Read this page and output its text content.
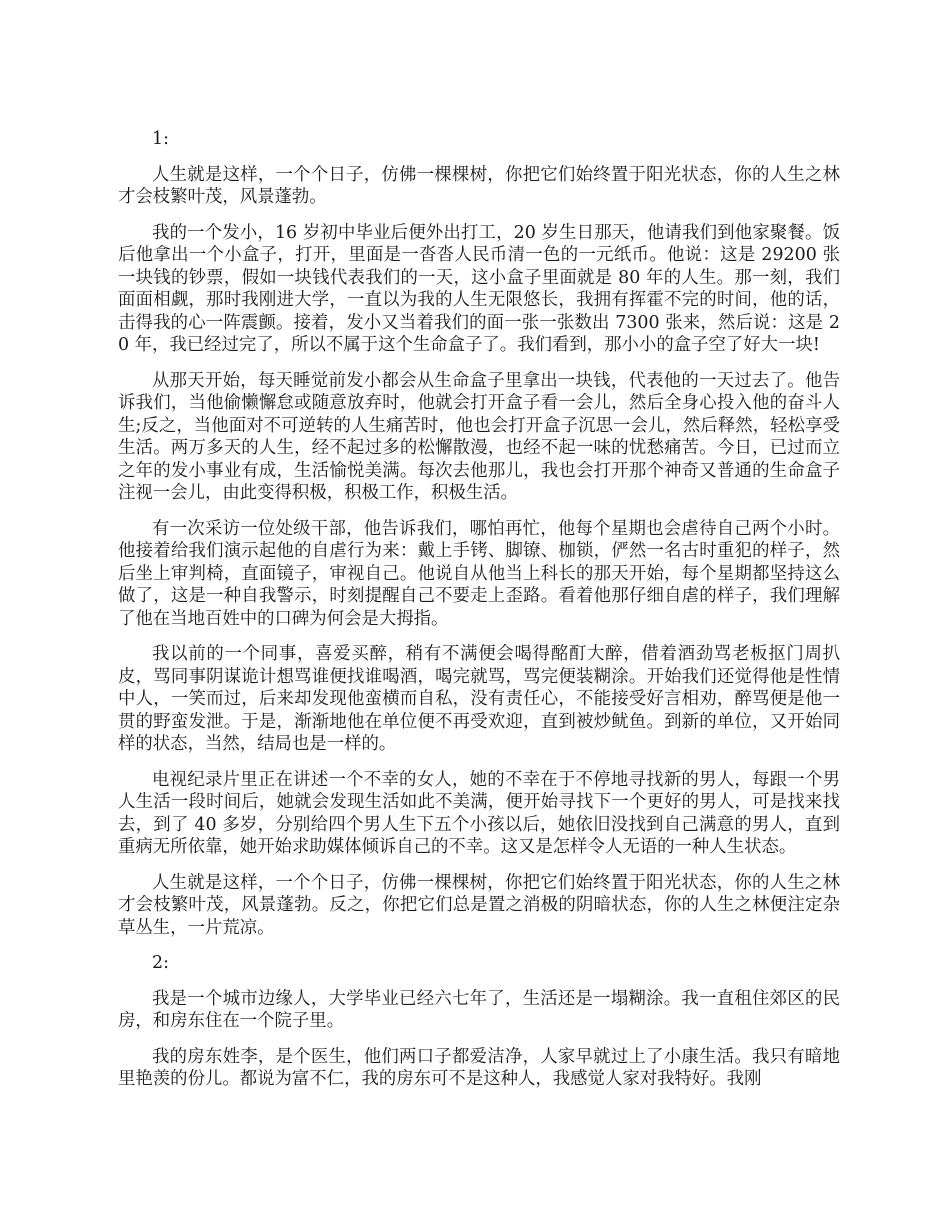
1:

人生就是这样，一个个日子，仿佛一棵棵树，你把它们始终置于阳光状态，你的人生之林才会枝繁叶茂，风景蓬勃。

我的一个发小，16 岁初中毕业后便外出打工，20 岁生日那天，他请我们到他家聚餐。饭后他拿出一个小盒子，打开，里面是一沓沓人民币清一色的一元纸币。他说：这是 29200 张一块钱的钞票，假如一块钱代表我们的一天，这小盒子里面就是 80 年的人生。那一刻，我们面面相觑，那时我刚进大学，一直以为我的人生无限悠长，我拥有挥霍不完的时间，他的话，击得我的心一阵震颤。接着，发小又当着我们的面一张一张数出 7300 张来，然后说：这是 20 年，我已经过完了，所以不属于这个生命盒子了。我们看到，那小小的盒子空了好大一块!

从那天开始，每天睡觉前发小都会从生命盒子里拿出一块钱，代表他的一天过去了。他告诉我们，当他偷懒懈怠或随意放弃时，他就会打开盒子看一会儿，然后全身心投入他的奋斗人生;反之，当他面对不可逆转的人生痛苦时，他也会打开盒子沉思一会儿，然后释然，轻松享受生活。两万多天的人生，经不起过多的松懈散漫，也经不起一味的忧愁痛苦。今日，已过而立之年的发小事业有成，生活愉悦美满。每次去他那儿，我也会打开那个神奇又普通的生命盒子注视一会儿，由此变得积极，积极工作，积极生活。

有一次采访一位处级干部，他告诉我们，哪怕再忙，他每个星期也会虐待自己两个小时。他接着给我们演示起他的自虐行为来：戴上手铐、脚镣、枷锁，俨然一名古时重犯的样子，然后坐上审判椅，直面镜子，审视自己。他说自从他当上科长的那天开始，每个星期都坚持这么做了，这是一种自我警示，时刻提醒自己不要走上歪路。看着他那仔细自虐的样子，我们理解了他在当地百姓中的口碑为何会是大拇指。

我以前的一个同事，喜爱买醉，稍有不满便会喝得酩酊大醉，借着酒劲骂老板抠门周扒皮，骂同事阴谋诡计想骂谁便找谁喝酒，喝完就骂，骂完便装糊涂。开始我们还觉得他是性情中人，一笑而过，后来却发现他蛮横而自私，没有责任心，不能接受好言相劝，醉骂便是他一贯的野蛮发泄。于是，渐渐地他在单位便不再受欢迎，直到被炒鱿鱼。到新的单位，又开始同样的状态，当然，结局也是一样的。

电视纪录片里正在讲述一个不幸的女人，她的不幸在于不停地寻找新的男人，每跟一个男人生活一段时间后，她就会发现生活如此不美满，便开始寻找下一个更好的男人，可是找来找去，到了 40 多岁，分别给四个男人生下五个小孩以后，她依旧没找到自己满意的男人，直到重病无所依靠，她开始求助媒体倾诉自己的不幸。这又是怎样令人无语的一种人生状态。

人生就是这样，一个个日子，仿佛一棵棵树，你把它们始终置于阳光状态，你的人生之林才会枝繁叶茂，风景蓬勃。反之，你把它们总是置之消极的阴暗状态，你的人生之林便注定杂草丛生，一片荒凉。

2:

我是一个城市边缘人，大学毕业已经六七年了，生活还是一塌糊涂。我一直租住郊区的民房，和房东住在一个院子里。

我的房东姓李，是个医生，他们两口子都爱洁净，人家早就过上了小康生活。我只有暗地里艳羡的份儿。都说为富不仁，我的房东可不是这种人，我感觉人家对我特好。我刚
